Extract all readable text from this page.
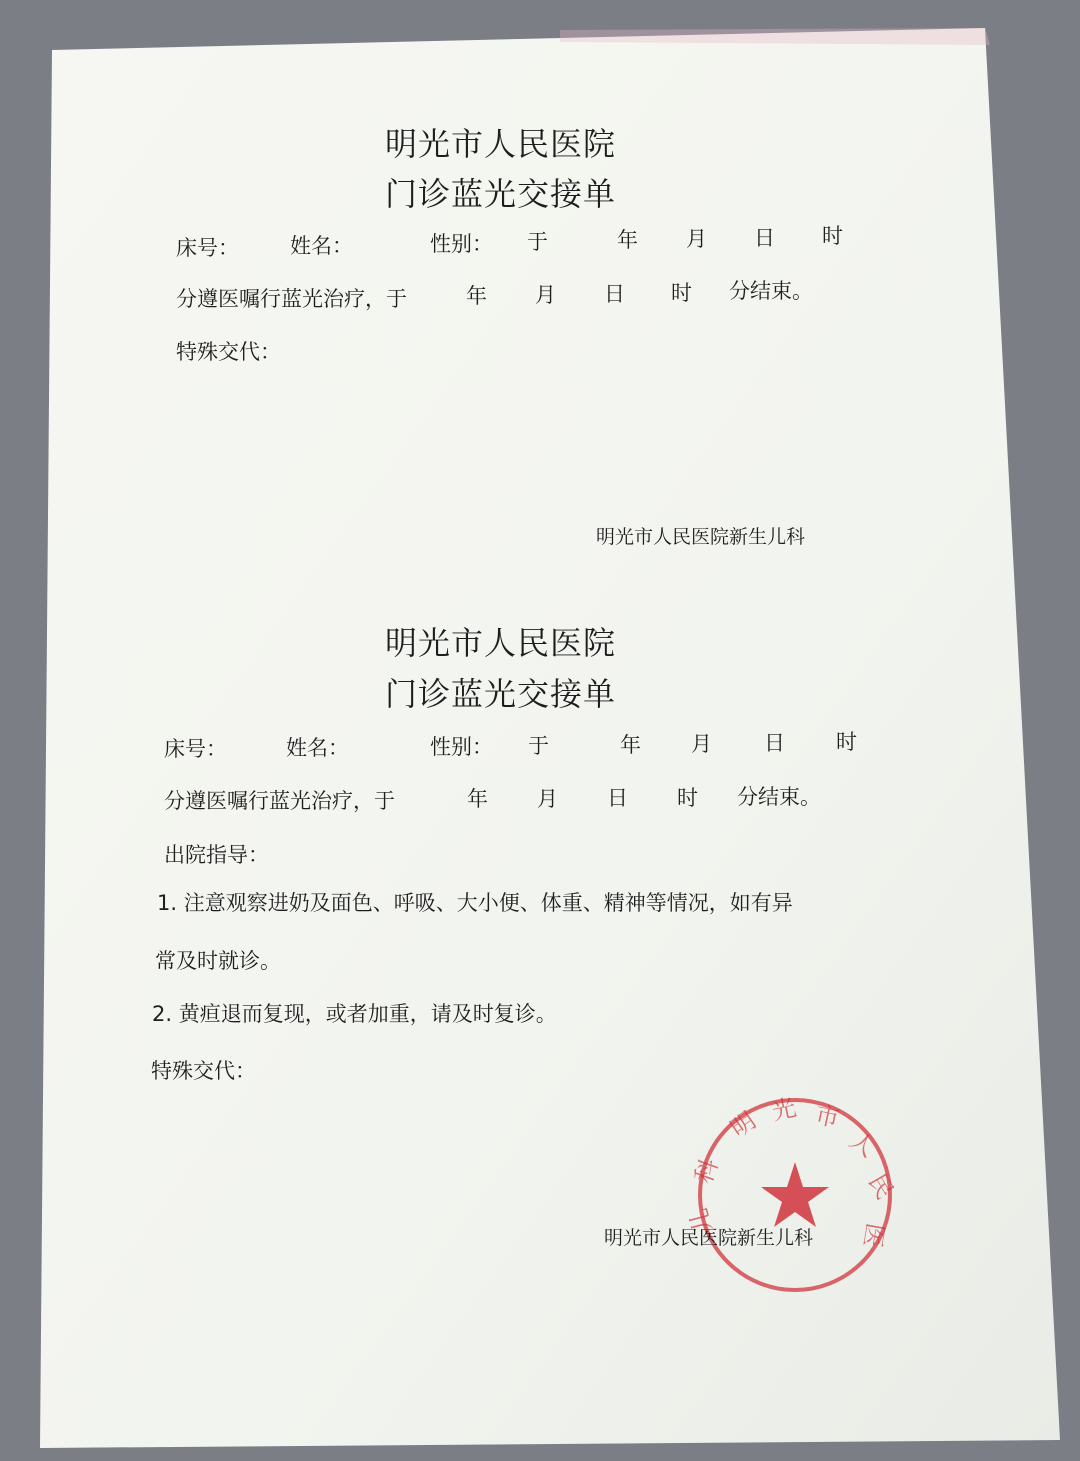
明光市人民医院
门诊蓝光交接单
床号： 姓名：	性别： 于	年 月 日 时
分遵医嘱行蓝光治疗，于	年 月 日 时 分结束。
特殊交代：
明光市人民医院新生儿科
明光市人民医院
门诊蓝光交接单
床号：	姓名：	性别： 于	年 月 日 时
分遵医嘱行蓝光治疗，于	年 月 日 时 分结束。
出院指导：
1. 注意观察进奶及面色、呼吸、大小便、体重、精神等情况，如有异
常及时就诊。
2. 黄疸退而复现，或者加重，请及时复诊。
特殊交代：
明 光 市
人
民
医
科
儿
明光市人民医院新生儿科
